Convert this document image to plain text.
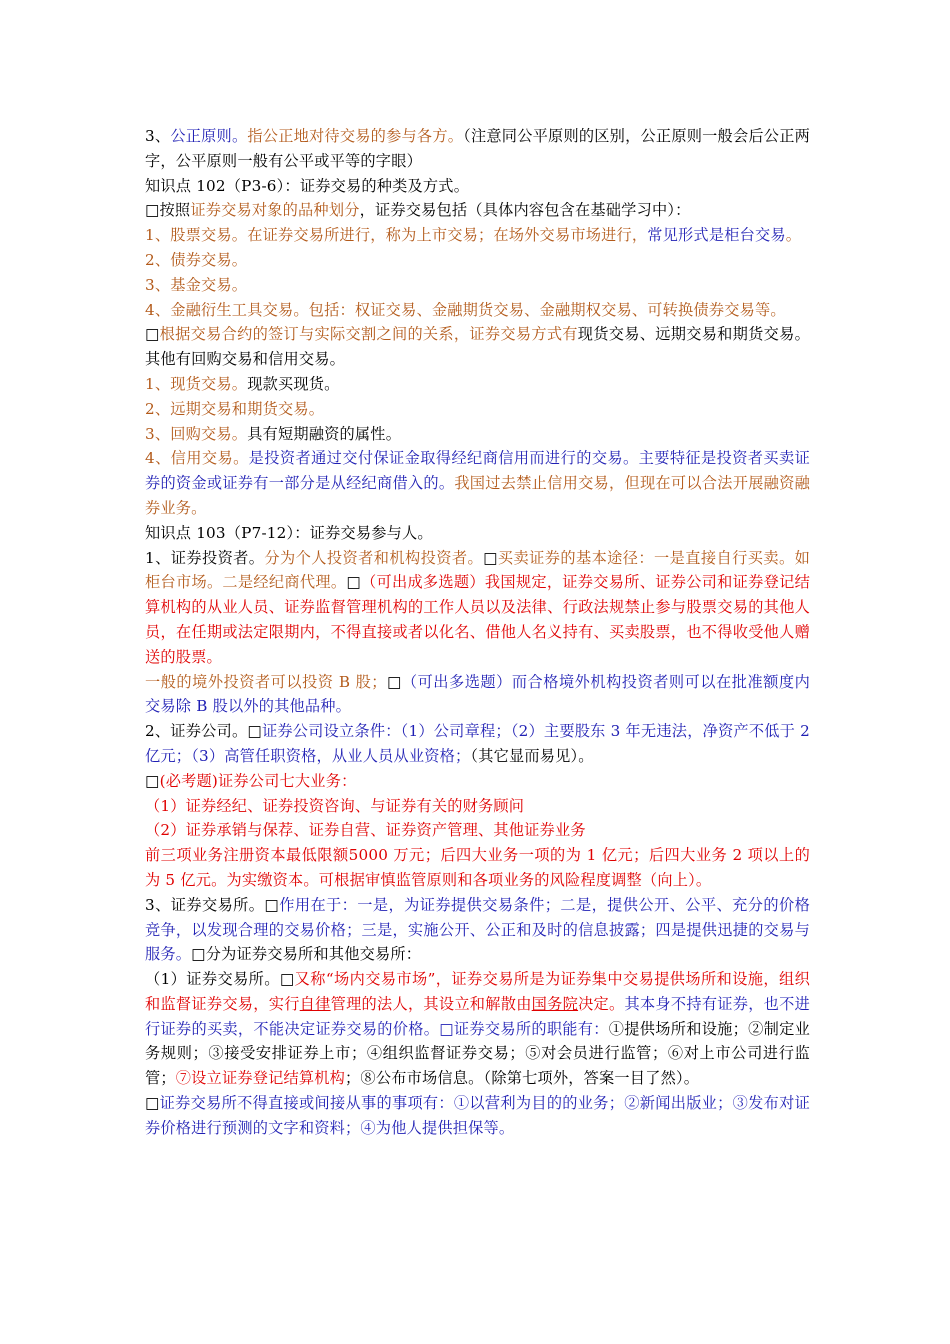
3、公正原则。指公正地对待交易的参与各方。（注意同公平原则的区别，公正原则一般会后公正两字，公平原则一般有公平或平等的字眼）

知识点 102（P3-6）：证券交易的种类及方式。

□按照证券交易对象的品种划分，证券交易包括（具体内容包含在基础学习中）：

1、股票交易。在证券交易所进行，称为上市交易；在场外交易市场进行，常见形式是柜台交易。

2、债券交易。

3、基金交易。

4、金融衍生工具交易。包括：权证交易、金融期货交易、金融期权交易、可转换债券交易等。

□根据交易合约的签订与实际交割之间的关系，证券交易方式有现货交易、远期交易和期货交易。其他有回购交易和信用交易。

1、现货交易。现款买现货。

2、远期交易和期货交易。

3、回购交易。具有短期融资的属性。

4、信用交易。是投资者通过交付保证金取得经纪商信用而进行的交易。主要特征是投资者买卖证券的资金或证券有一部分是从经纪商借入的。我国过去禁止信用交易，但现在可以合法开展融资融券业务。

知识点 103（P7-12）：证券交易参与人。

1、证券投资者。分为个人投资者和机构投资者。□买卖证券的基本途径：一是直接自行买卖。如柜台市场。二是经纪商代理。□（可出成多选题）我国规定，证券交易所、证券公司和证券登记结算机构的从业人员、证券监督管理机构的工作人员以及法律、行政法规禁止参与股票交易的其他人员，在任期或法定限期内，不得直接或者以化名、借他人名义持有、买卖股票，也不得收受他人赠送的股票。

一般的境外投资者可以投资 B 股；□（可出多选题）而合格境外机构投资者则可以在批准额度内交易除 B 股以外的其他品种。

2、证券公司。□证券公司设立条件：（1）公司章程；（2）主要股东 3 年无违法，净资产不低于 2 亿元；（3）高管任职资格，从业人员从业资格；（其它显而易见）。

□(必考题)证券公司七大业务：

（1）证券经纪、证券投资咨询、与证券有关的财务顾问

（2）证券承销与保荐、证券自营、证券资产管理、其他证券业务

前三项业务注册资本最低限额5000 万元；后四大业务一项的为 1 亿元；后四大业务 2 项以上的为 5 亿元。为实缴资本。可根据审慎监管原则和各项业务的风险程度调整（向上）。

3、证券交易所。□作用在于：一是，为证券提供交易条件；二是，提供公开、公平、充分的价格竞争，以发现合理的交易价格；三是，实施公开、公正和及时的信息披露；四是提供迅捷的交易与服务。□分为证券交易所和其他交易所：

（1）证券交易所。□又称“场内交易市场”，证券交易所是为证券集中交易提供场所和设施，组织和监督证券交易，实行自律管理的法人，其设立和解散由国务院决定。其本身不持有证券，也不进行证券的买卖，不能决定证券交易的价格。□证券交易所的职能有：①提供场所和设施；②制定业务规则；③接受安排证券上市；④组织监督证券交易；⑤对会员进行监管；⑥对上市公司进行监管；⑦设立证券登记结算机构；⑧公布市场信息。（除第七项外，答案一目了然）。

□证券交易所不得直接或间接从事的事项有：①以营利为目的的业务；②新闻出版业；③发布对证券价格进行预测的文字和资料；④为他人提供担保等。
